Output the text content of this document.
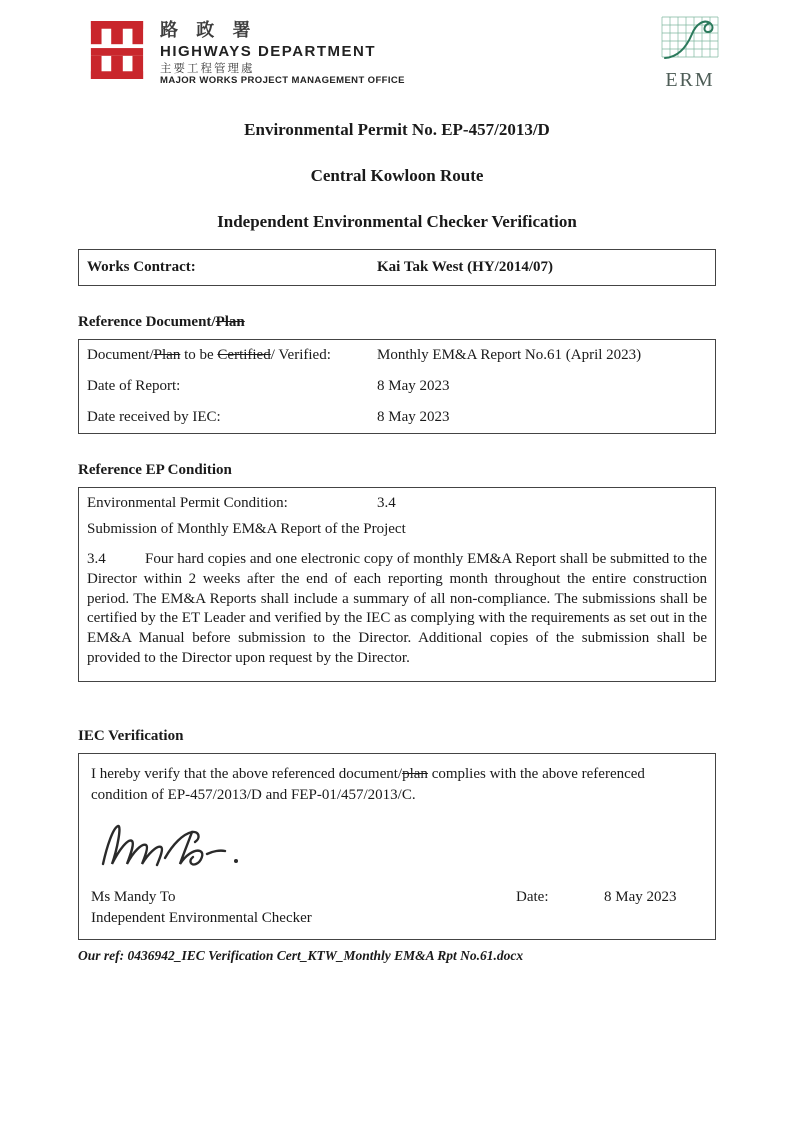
路 政 署
HIGHWAYS DEPARTMENT
主要工程管理處
MAJOR WORKS PROJECT MANAGEMENT OFFICE	ERM
Environmental Permit No. EP-457/2013/D
Central Kowloon Route
Independent Environmental Checker Verification
Works Contract:	Kai Tak West (HY/2014/07)
Reference Document/Plan
Document/Plan to be Certified/ Verified:	Monthly EM&A Report No.61 (April 2023)
Date of Report:	8 May 2023
Date received by IEC:	8 May 2023
Reference EP Condition
Environmental Permit Condition:	3.4
Submission of Monthly EM&A Report of the Project
3.4	Four hard copies and one electronic copy of monthly EM&A Report shall be submitted to the Director within 2 weeks after the end of each reporting month throughout the entire construction period. The EM&A Reports shall include a summary of all non-compliance. The submissions shall be certified by the ET Leader and verified by the IEC as complying with the requirements as set out in the EM&A Manual before submission to the Director. Additional copies of the submission shall be provided to the Director upon request by the Director.
IEC Verification
I hereby verify that the above referenced document/plan complies with the above referenced condition of EP-457/2013/D and FEP-01/457/2013/C.
Ms Mandy To	Date:	8 May 2023
Independent Environmental Checker
Our ref: 0436942_IEC Verification Cert_KTW_Monthly EM&A Rpt No.61.docx
